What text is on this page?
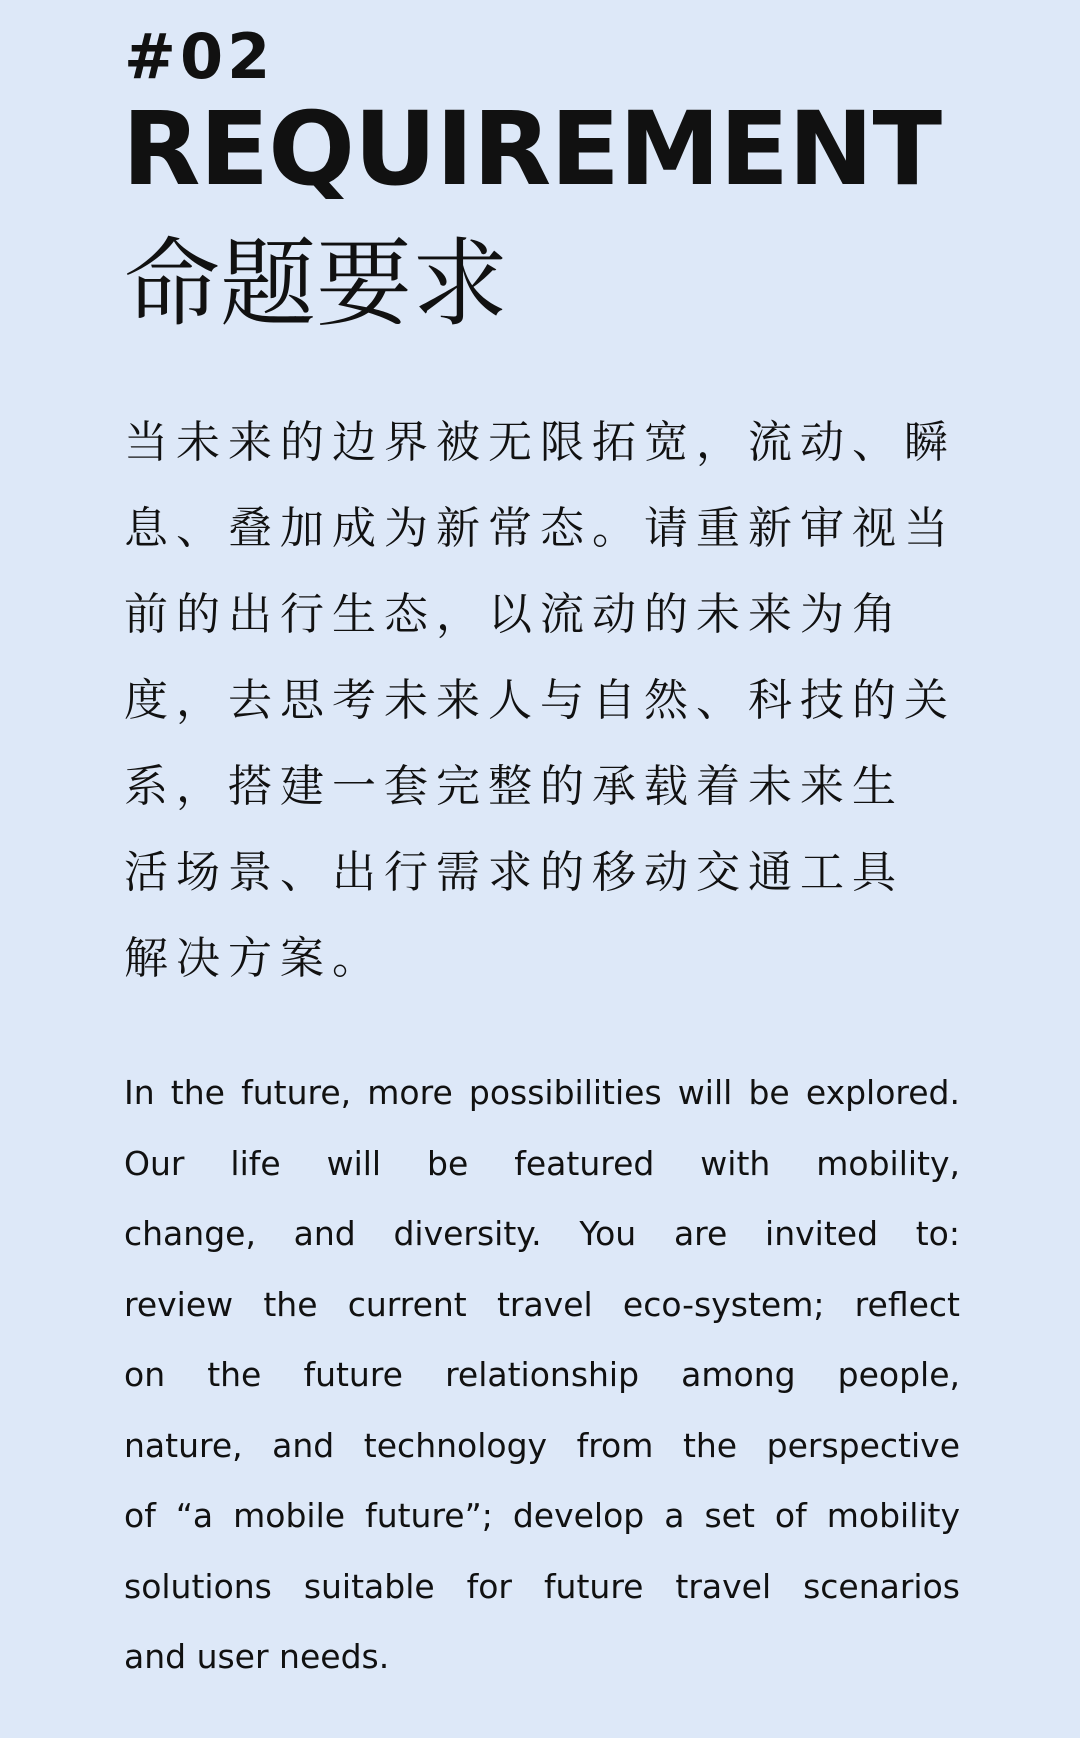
#02
REQUIREMENT
命题要求
当未来的边界被无限拓宽，流动、瞬
息、叠加成为新常态。请重新审视当
前的出行生态，以流动的未来为角
度，去思考未来人与自然、科技的关
系，搭建一套完整的承载着未来生
活场景、出行需求的移动交通工具
解决方案。
In the future, more possibilities will be explored.
Our life will be featured with mobility,
change, and diversity. You are invited to:
review the current travel eco-system; reflect
on the future relationship among people,
nature, and technology from the perspective
of “a mobile future”; develop a set of mobility
solutions suitable for future travel scenarios
and user needs.
